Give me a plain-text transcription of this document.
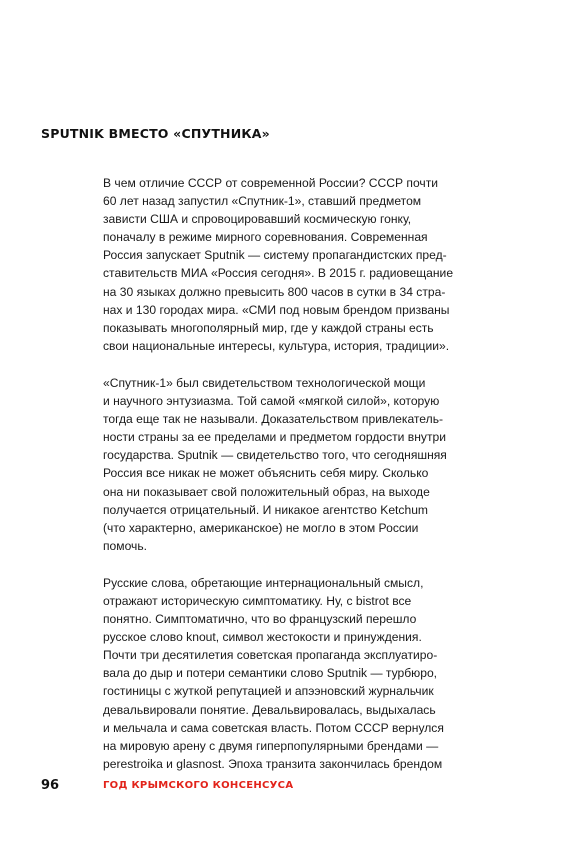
SPUTNIK ВМЕСТО «СПУТНИКА»

В чем отличие СССР от современной России? СССР почти
60 лет назад запустил «Спутник-1», ставший предметом
зависти США и спровоцировавший космическую гонку,
поначалу в режиме мирного соревнования. Современная
Россия запускает Sputnik — систему пропагандистских пред-
ставительств МИА «Россия сегодня». В 2015 г. радиовещание
на 30 языках должно превысить 800 часов в сутки в 34 стра-
нах и 130 городах мира. «СМИ под новым брендом призваны
показывать многополярный мир, где у каждой страны есть
свои национальные интересы, культура, история, традиции».

«Спутник-1» был свидетельством технологической мощи
и научного энтузиазма. Той самой «мягкой силой», которую
тогда еще так не называли. Доказательством привлекатель-
ности страны за ее пределами и предметом гордости внутри
государства. Sputnik — свидетельство того, что сегодняшняя
Россия все никак не может объяснить себя миру. Сколько
она ни показывает свой положительный образ, на выходе
получается отрицательный. И никакое агентство Ketchum
(что характерно, американское) не могло в этом России
помочь.

Русские слова, обретающие интернациональный смысл,
отражают историческую симптоматику. Ну, с bistrot все
понятно. Симптоматично, что во французский перешло
русское слово knout, символ жестокости и принуждения.
Почти три десятилетия советская пропаганда эксплуатиро-
вала до дыр и потери семантики слово Sputnik — турбюро,
гостиницы с жуткой репутацией и апээновский журнальчик
девальвировали понятие. Девальвировалась, выдыхалась
и мельчала и сама советская власть. Потом СССР вернулся
на мировую арену с двумя гиперпопулярными брендами —
perestroika и glasnost. Эпоха транзита закончилась брендом

96	ГОД КРЫМСКОГО КОНСЕНСУСА
